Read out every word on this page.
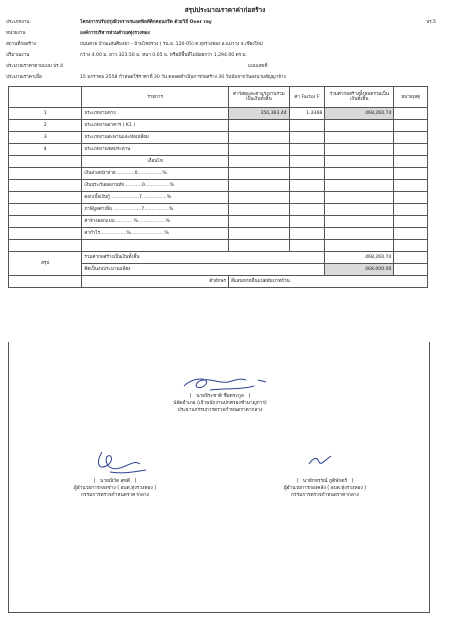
สรุปประมาณราคาค่าก่อสร้าง
ประเภทงาน	โครงการปรับปรุงผิวจราจรแอสฟัลท์ติกคอนกรีต ด้วยวิธี Over ray	ปร.5
หน่วยงาน	องค์การบริหารส่วนตำบลทุ่งรวงทอง
สถานที่ก่อสร้าง	ถนนสาย บ้านแสนศิมงยา - บ้านไชยรวง ( รน.อ. 120-05) ต.ทุ่งรวงทอง อ.แม่วาง จ.เชียงใหม่
ปริมาณงาน	กว้าง 4.00 ม. ยาว 323.50 ม. หนา 0.05 ม. หรือมีพื้นที่ไม่น้อยกว่า 1,294.00 ตร.ม.
ประมาณราคาตามแบบ ปร.4	แบบเลขที่
ประมาณราคาเมื่อ	15 มกราคม 2558 กำหนดใช้ราคาที่ 30 วัน ตลอดดำเนินการก่อสร้าง 30 วันนับจากวันลงนามสัญญาจ้าง
	รายการ	ค่าวัสดุและค่าแรงงานรวมเป็นเงินทั้งสิ้น	ค่า Factor F	รวมค่าก่อสร้างทั้งหมดรวมเป็นเงินทั้งสิ้น	หมายเหตุ
1	ประเภทงานทาง	350,363.44	1.3368	468,260.74	
2	ประเภทงานอาคาร ( K1 )				
3	ประเภทงานสะพานและท่อเหลี่ยม				
4	ประเภทงานชลประทาน				
	เงื่อนไข				
	เงินล่วงหน้าจ่าย ............0.................%				
	เงินประกันผลงานหัก............0.................%				
	ดอกเบี้ยเงินกู้ ...................7.................%				
	ภาษีมูลค่าเพิ่ม ...................7.................%				
	ค่าจ้างออกแบบ............ %...................%				
	ค่ากำไร..................%.......................%				

สรุป	รวมค่าก่อสร้างเป็นเงินทั้งสิ้น			468,260.74	
	คิดเป็นงบประมาณเพียง			468,000.00	
	ตัวอักษร	สี่แสนหกหมื่นแปดพันบาทถ้วน			
(   นายจีระชาติ ชื่อตระกูล   )
ปลัดอำเภอ (เจ้าพนักงานปกครองชำนาญการ)
ประธานกรรมการตรวจกำหนดราคากลาง
(   นายณิวัต สุขดี   )
ผู้อำนวยการกองช่าง ( อบต.ทุ่งรวงทอง )
กรรมการตรวจกำหนดราคากลาง
(   นายักขรรณ์ ภูติพักตร์   )
ผู้อำนวยการกองคลัง ( อบต.ทุ่งรวงทอง )
กรรมการตรวจกำหนดราคากลาง
